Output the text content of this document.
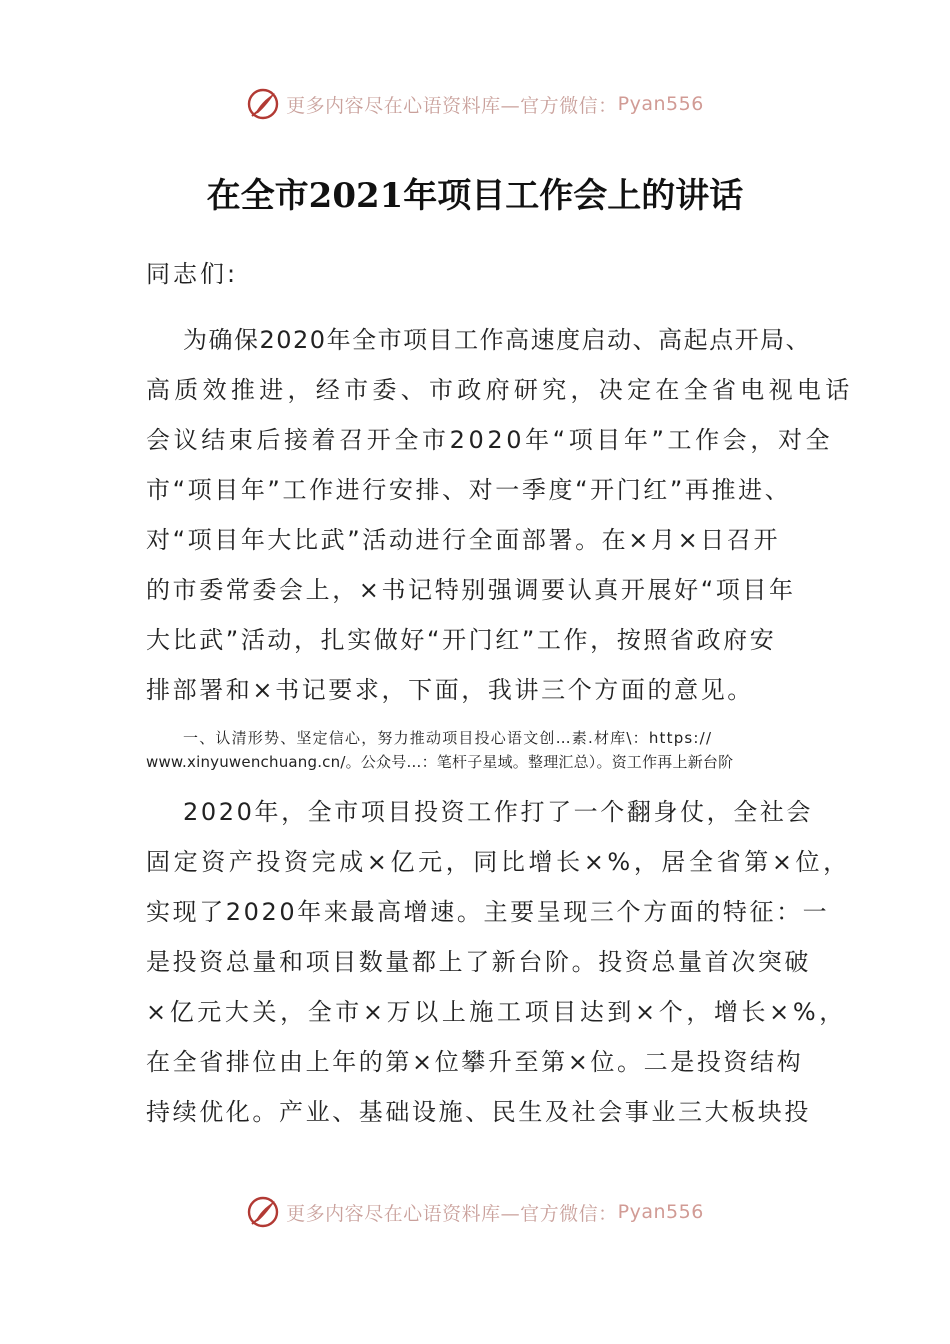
更多内容尽在心语资料库—官方微信： Pyan556
在全市2021年项目工作会上的讲话
同志们:
为确保2020年全市项目工作高速度启动、高起点开局、
高质效推进，经市委、市政府研究，决定在全省电视电话
会议结束后接着召开全市2020年“项目年”工作会，对全
市“项目年”工作进行安排、对一季度“开门红”再推进、
对“项目年大比武”活动进行全面部署。在×月×日召开
的市委常委会上，×书记特别强调要认真开展好“项目年
大比武”活动，扎实做好“开门红”工作，按照省政府安
排部署和×书记要求，下面，我讲三个方面的意见。
一、认清形势、坚定信心，努力推动项目投心语文创…素.材库\：https://
www.xinyuwenchuang.cn/。公众号…：笔杆子星域。整理汇总）。资工作再上新台阶
2020年，全市项目投资工作打了一个翻身仗，全社会
固定资产投资完成×亿元，同比增长×%，居全省第×位，
实现了2020年来最高增速。主要呈现三个方面的特征：一
是投资总量和项目数量都上了新台阶。投资总量首次突破
×亿元大关，全市×万以上施工项目达到×个，增长×%，
在全省排位由上年的第×位攀升至第×位。二是投资结构
持续优化。产业、基础设施、民生及社会事业三大板块投
更多内容尽在心语资料库—官方微信： Pyan556
